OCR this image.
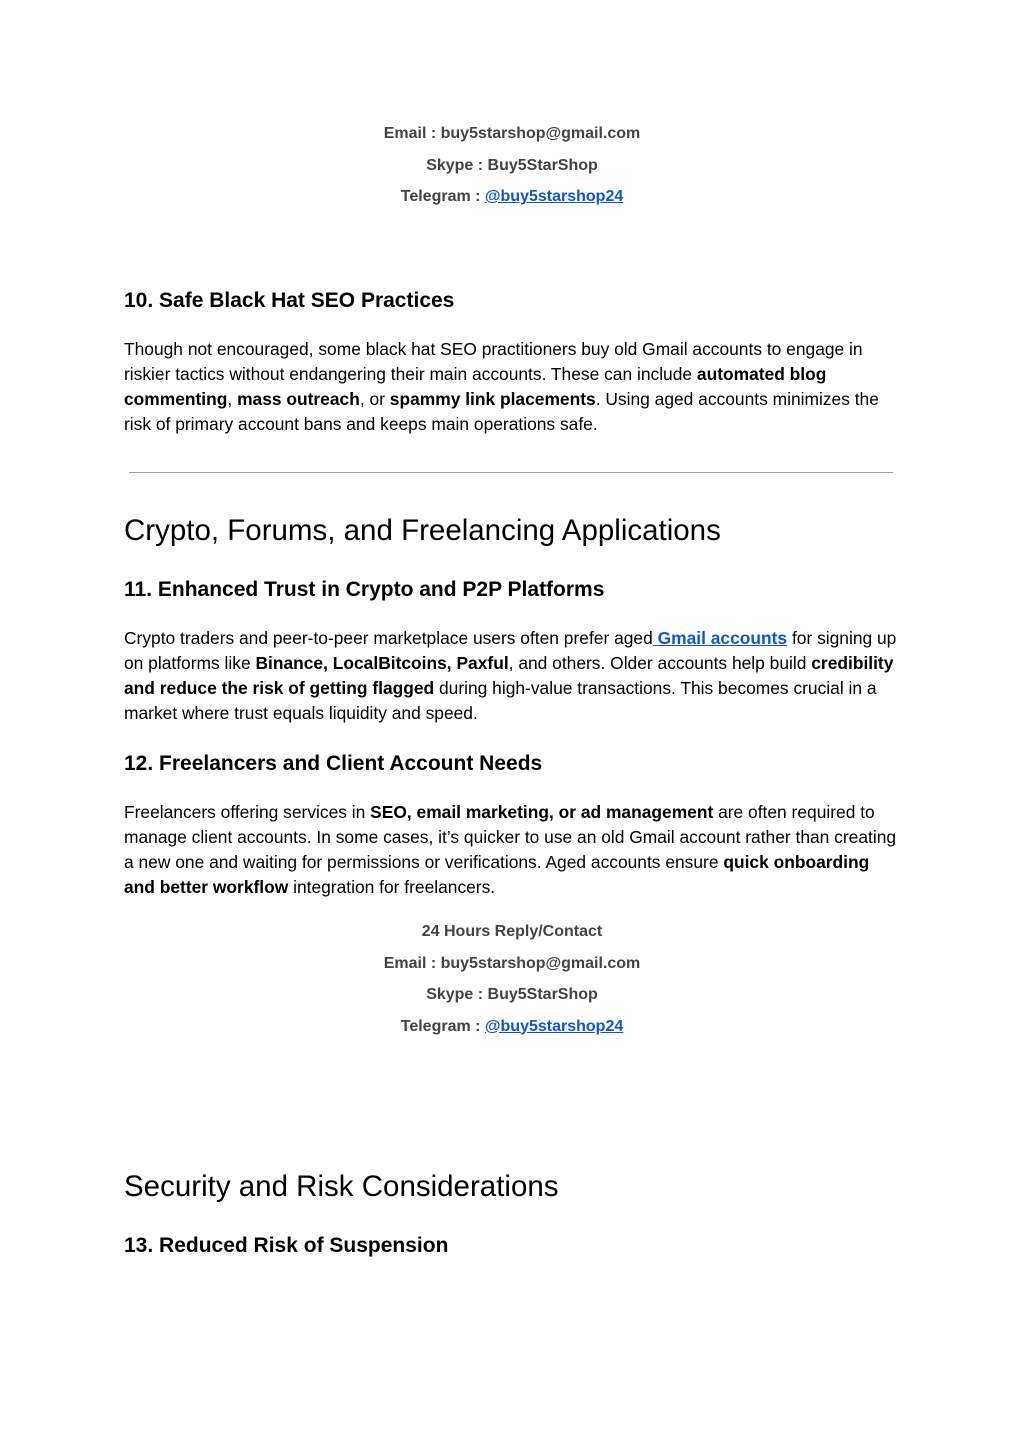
Email : buy5starshop@gmail.com
Skype : Buy5StarShop
Telegram : @buy5starshop24
10. Safe Black Hat SEO Practices

Though not encouraged, some black hat SEO practitioners buy old Gmail accounts to engage in riskier tactics without endangering their main accounts. These can include automated blog commenting, mass outreach, or spammy link placements. Using aged accounts minimizes the risk of primary account bans and keeps main operations safe.

Crypto, Forums, and Freelancing Applications
11. Enhanced Trust in Crypto and P2P Platforms

Crypto traders and peer-to-peer marketplace users often prefer aged Gmail accounts for signing up on platforms like Binance, LocalBitcoins, Paxful, and others. Older accounts help build credibility and reduce the risk of getting flagged during high-value transactions. This becomes crucial in a market where trust equals liquidity and speed.

12. Freelancers and Client Account Needs

Freelancers offering services in SEO, email marketing, or ad management are often required to manage client accounts. In some cases, it’s quicker to use an old Gmail account rather than creating a new one and waiting for permissions or verifications. Aged accounts ensure quick onboarding and better workflow integration for freelancers.

24 Hours Reply/Contact
Email : buy5starshop@gmail.com
Skype : Buy5StarShop
Telegram : @buy5starshop24
Security and Risk Considerations
13. Reduced Risk of Suspension
